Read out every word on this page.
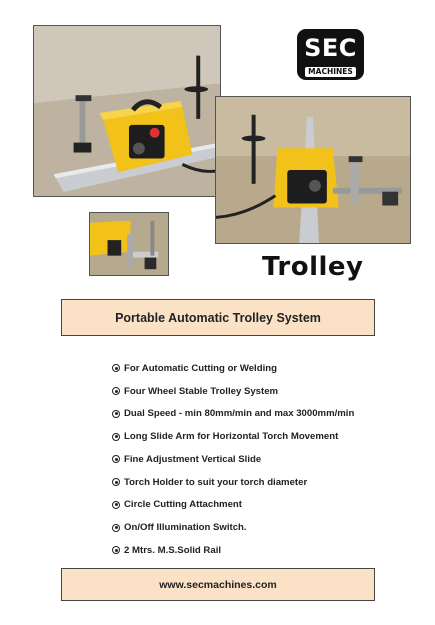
SEC
MACHINES
Trolley
Portable Automatic Trolley System
For Automatic Cutting or Welding
Four Wheel Stable Trolley System
Dual Speed - min 80mm/min and max 3000mm/min
Long Slide Arm for Horizontal Torch Movement
Fine Adjustment Vertical Slide
Torch Holder to suit your torch diameter
Circle Cutting Attachment
On/Off Illumination Switch.
2 Mtrs. M.S.Solid Rail
www.secmachines.com
